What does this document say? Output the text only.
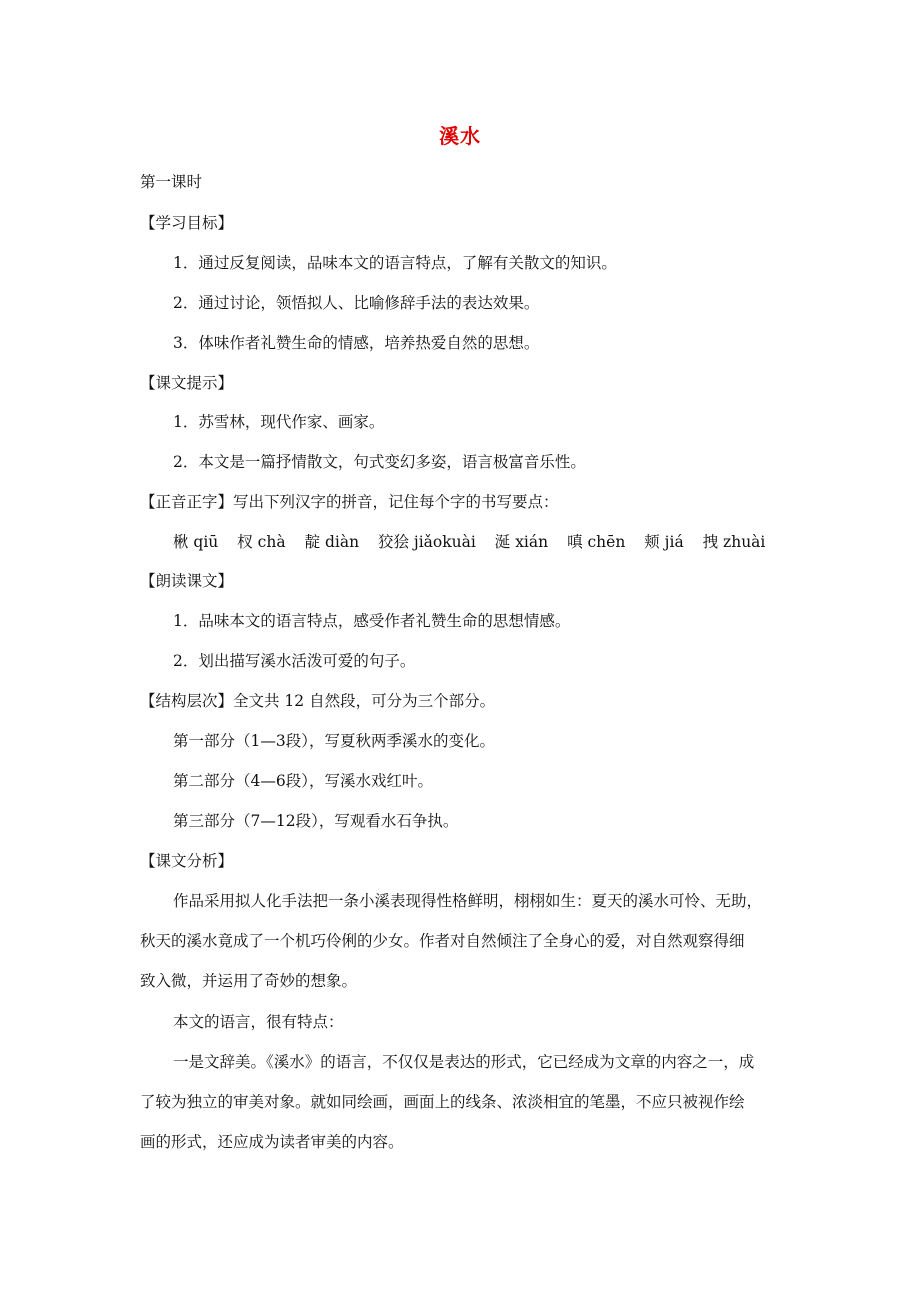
溪水
第一课时
【学习目标】
1．通过反复阅读，品味本文的语言特点，了解有关散文的知识。
2．通过讨论，领悟拟人、比喻修辞手法的表达效果。
3．体味作者礼赞生命的情感，培养热爱自然的思想。
【课文提示】
1．苏雪林，现代作家、画家。
2．本文是一篇抒情散文，句式变幻多姿，语言极富音乐性。
【正音正字】写出下列汉字的拼音，记住每个字的书写要点：
楸 qiū 杈 chà 靛 diàn 狡狯 jiǎokuài 涎 xián 嗔 chēn 颊 jiá 拽 zhuài
【朗读课文】
1．品味本文的语言特点，感受作者礼赞生命的思想情感。
2．划出描写溪水活泼可爱的句子。
【结构层次】全文共 12 自然段，可分为三个部分。
第一部分（1—3段），写夏秋两季溪水的变化。
第二部分（4—6段），写溪水戏红叶。
第三部分（7—12段），写观看水石争执。
【课文分析】
作品采用拟人化手法把一条小溪表现得性格鲜明，栩栩如生：夏天的溪水可怜、无助，
秋天的溪水竟成了一个机巧伶俐的少女。作者对自然倾注了全身心的爱，对自然观察得细
致入微，并运用了奇妙的想象。
本文的语言，很有特点：
一是文辞美。《溪水》的语言，不仅仅是表达的形式，它已经成为文章的内容之一，成
了较为独立的审美对象。就如同绘画，画面上的线条、浓淡相宜的笔墨，不应只被视作绘
画的形式，还应成为读者审美的内容。
